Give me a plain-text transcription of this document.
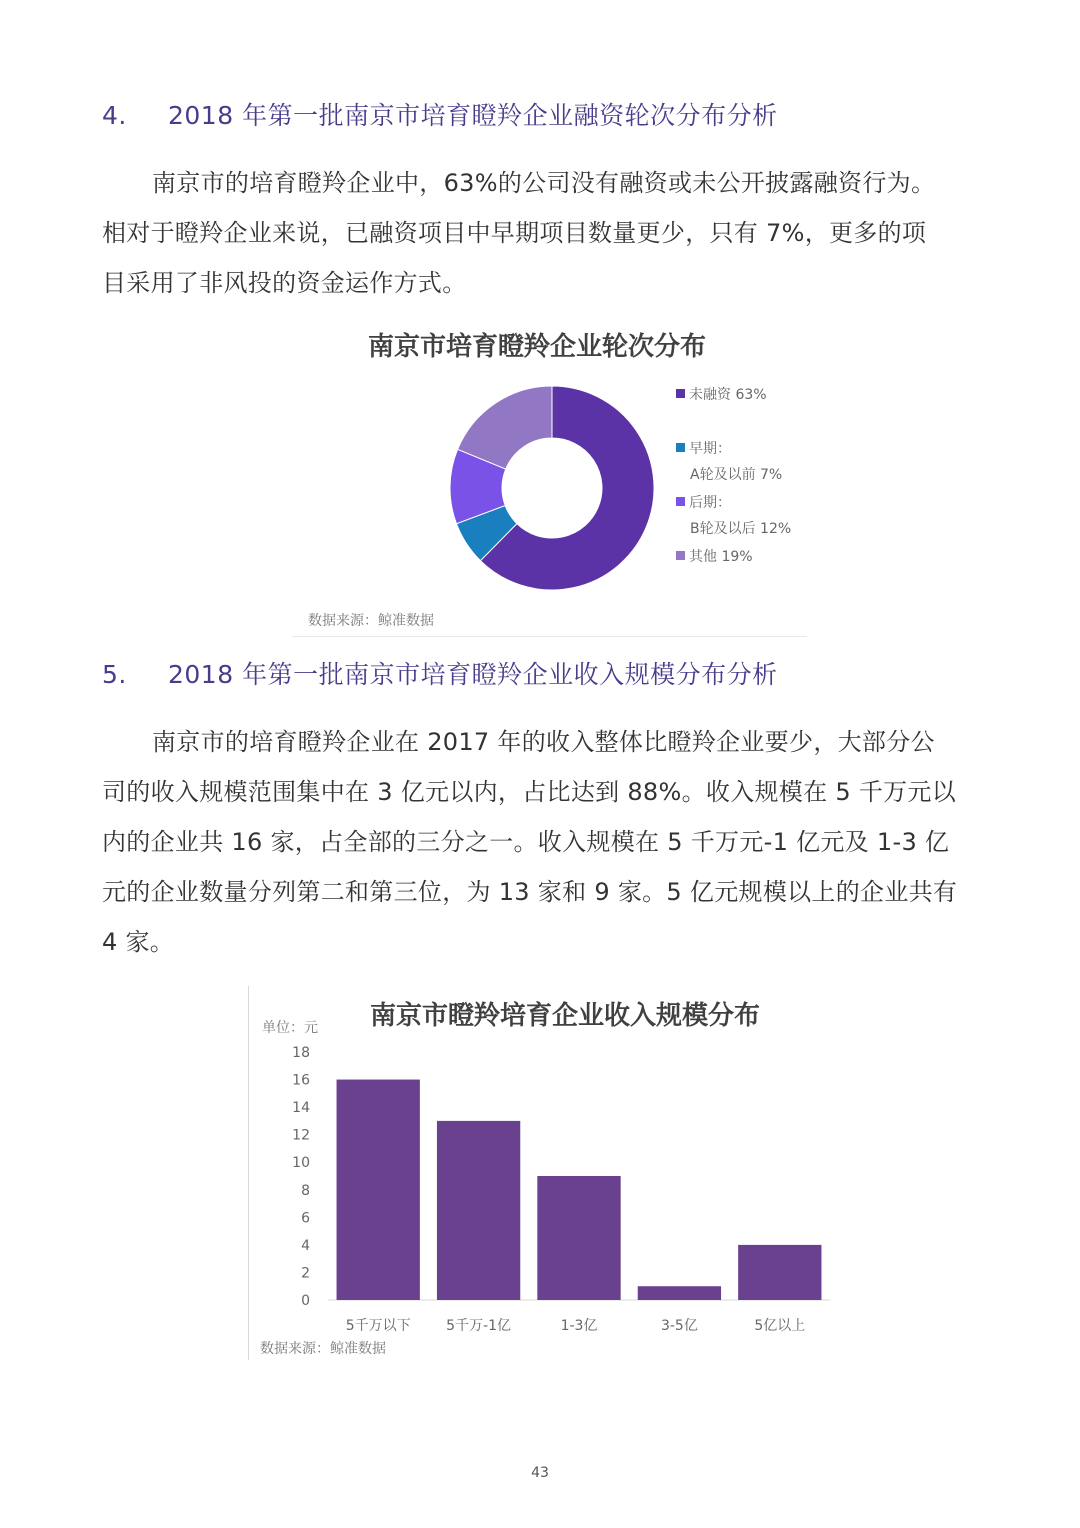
4. 2018 年第一批南京市培育瞪羚企业融资轮次分布分析
南京市的培育瞪羚企业中，63%的公司没有融资或未公开披露融资行为。
相对于瞪羚企业来说，已融资项目中早期项目数量更少，只有 7%，更多的项
目采用了非风投的资金运作方式。
南京市培育瞪羚企业轮次分布
未融资 63%
早期：
A轮及以前 7%
后期：
B轮及以后 12%
其他 19%
数据来源：鲸准数据
5. 2018 年第一批南京市培育瞪羚企业收入规模分布分析
南京市的培育瞪羚企业在 2017 年的收入整体比瞪羚企业要少，大部分公
司的收入规模范围集中在 3 亿元以内，占比达到 88%。收入规模在 5 千万元以
内的企业共 16 家，占全部的三分之一。收入规模在 5 千万元-1 亿元及 1-3 亿
元的企业数量分列第二和第三位，为 13 家和 9 家。5 亿元规模以上的企业共有
4 家。
南京市瞪羚培育企业收入规模分布
单位：元
0
2
4
6
8
10
12
14
16
18
5千万以下	5千万-1亿	1-3亿	3-5亿	5亿以上
数据来源：鲸准数据
43
